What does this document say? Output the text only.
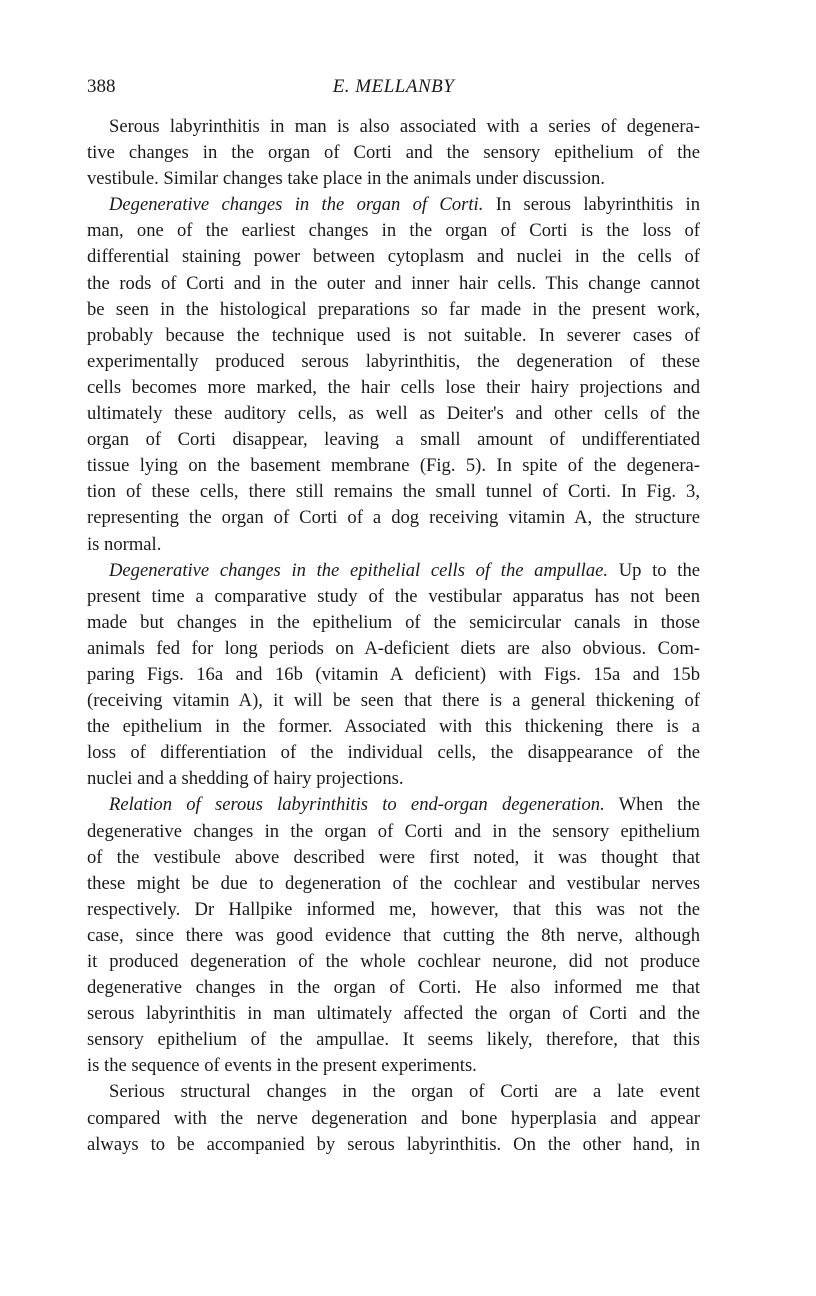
388	E. MELLANBY
Serous labyrinthitis in man is also associated with a series of degenera-
tive changes in the organ of Corti and the sensory epithelium of the
vestibule. Similar changes take place in the animals under discussion.
Degenerative changes in the organ of Corti. In serous labyrinthitis in
man, one of the earliest changes in the organ of Corti is the loss of
differential staining power between cytoplasm and nuclei in the cells of
the rods of Corti and in the outer and inner hair cells. This change cannot
be seen in the histological preparations so far made in the present work,
probably because the technique used is not suitable. In severer cases of
experimentally produced serous labyrinthitis, the degeneration of these
cells becomes more marked, the hair cells lose their hairy projections and
ultimately these auditory cells, as well as Deiter's and other cells of the
organ of Corti disappear, leaving a small amount of undifferentiated
tissue lying on the basement membrane (Fig. 5). In spite of the degenera-
tion of these cells, there still remains the small tunnel of Corti. In Fig. 3,
representing the organ of Corti of a dog receiving vitamin A, the structure
is normal.
Degenerative changes in the epithelial cells of the ampullae. Up to the
present time a comparative study of the vestibular apparatus has not been
made but changes in the epithelium of the semicircular canals in those
animals fed for long periods on A-deficient diets are also obvious. Com-
paring Figs. 16a and 16b (vitamin A deficient) with Figs. 15a and 15b
(receiving vitamin A), it will be seen that there is a general thickening of
the epithelium in the former. Associated with this thickening there is a
loss of differentiation of the individual cells, the disappearance of the
nuclei and a shedding of hairy projections.
Relation of serous labyrinthitis to end-organ degeneration. When the
degenerative changes in the organ of Corti and in the sensory epithelium
of the vestibule above described were first noted, it was thought that
these might be due to degeneration of the cochlear and vestibular nerves
respectively. Dr Hallpike informed me, however, that this was not the
case, since there was good evidence that cutting the 8th nerve, although
it produced degeneration of the whole cochlear neurone, did not produce
degenerative changes in the organ of Corti. He also informed me that
serous labyrinthitis in man ultimately affected the organ of Corti and the
sensory epithelium of the ampullae. It seems likely, therefore, that this
is the sequence of events in the present experiments.
Serious structural changes in the organ of Corti are a late event
compared with the nerve degeneration and bone hyperplasia and appear
always to be accompanied by serous labyrinthitis. On the other hand, in
